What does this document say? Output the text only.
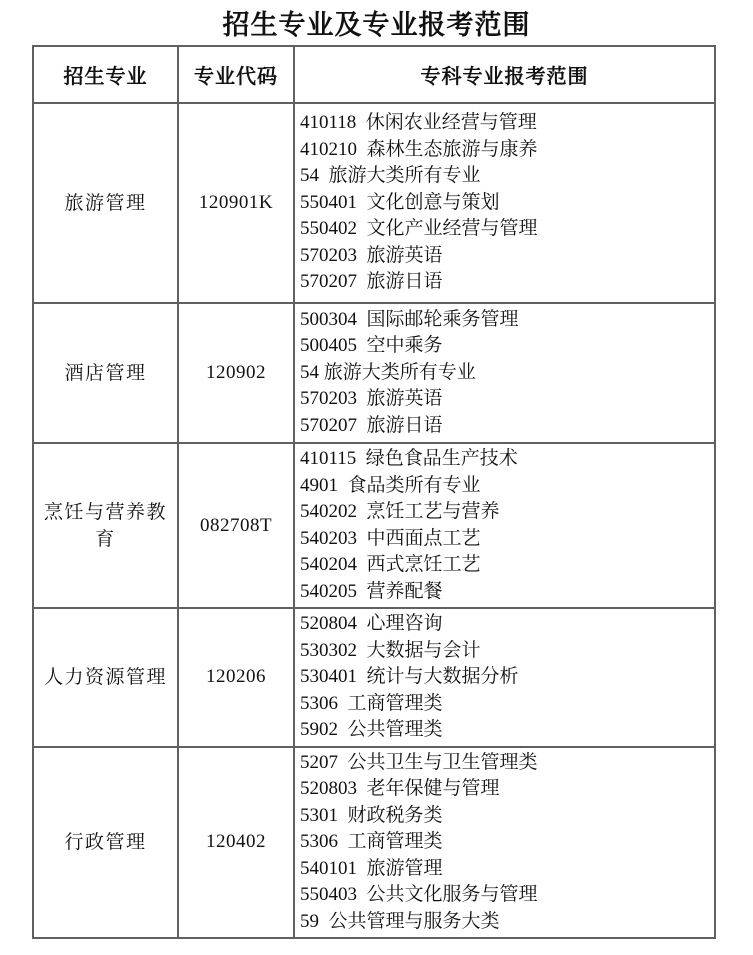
招生专业及专业报考范围
招生专业	专业代码	专科专业报考范围
旅游管理	120901K	
410118  休闲农业经营与管理
410210  森林生态旅游与康养
54  旅游大类所有专业
550401  文化创意与策划
550402  文化产业经营与管理
570203  旅游英语
570207  旅游日语

酒店管理	120902	500304  国际邮轮乘务管理
500405  空中乘务
54 旅游大类所有专业
570203  旅游英语
570207  旅游日语

烹饪与营养教育	082708T	
410115  绿色食品生产技术
4901  食品类所有专业
540202  烹饪工艺与营养
540203  中西面点工艺
540204  西式烹饪工艺
540205  营养配餐

人力资源管理	120206	520804  心理咨询
530302  大数据与会计
530401  统计与大数据分析
5306  工商管理类
5902  公共管理类

行政管理	120402	
5207  公共卫生与卫生管理类
520803  老年保健与管理
5301  财政税务类
5306  工商管理类
540101  旅游管理
550403  公共文化服务与管理
59  公共管理与服务大类
